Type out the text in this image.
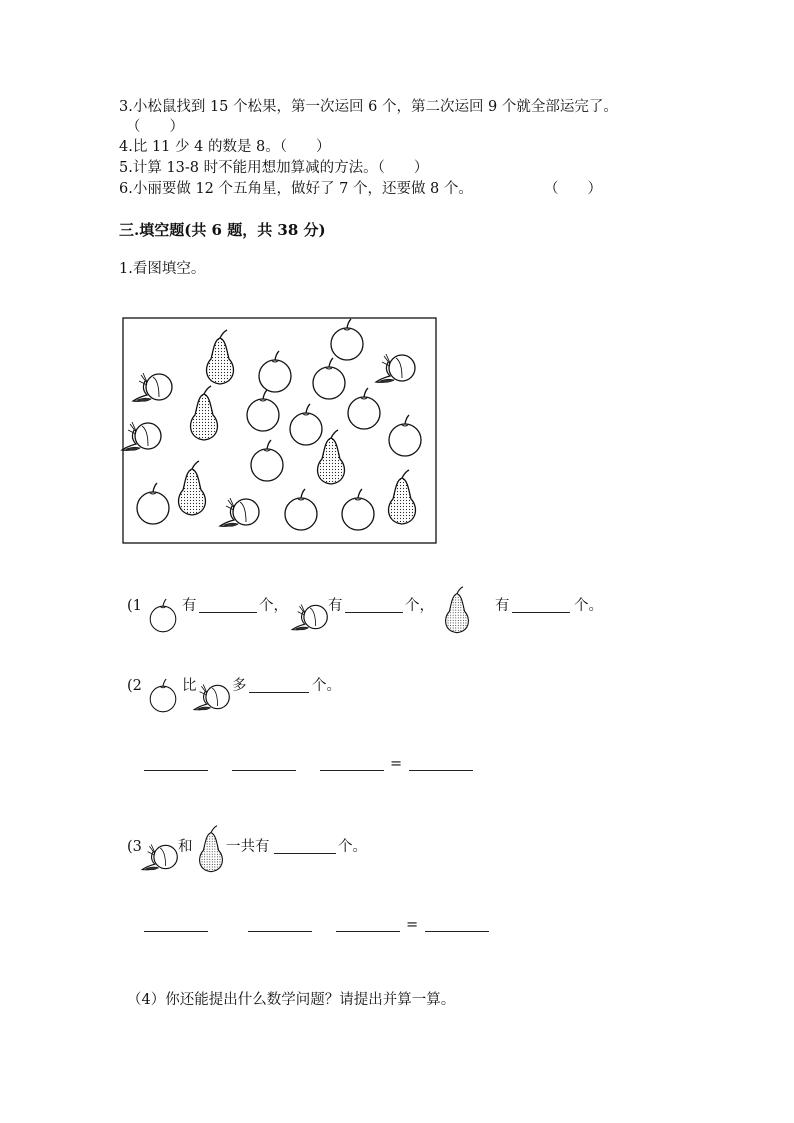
3.小松鼠找到 15 个松果，第一次运回 6 个，第二次运回 9 个就全部运完了。
（　　）
4.比 11 少 4 的数是 8。（　　）
5.计算 13-8 时不能用想加算减的方法。（　　）
6.小丽要做 12 个五角星，做好了 7 个，还要做 8 个。	（　　）
三.填空题(共 6 题，共 38 分)
1.看图填空。
(1	有	个，	有	个，	有	个。
(2	比 多	个。
=
(3 和 一共有	个。
=
（4）你还能提出什么数学问题？请提出并算一算。
